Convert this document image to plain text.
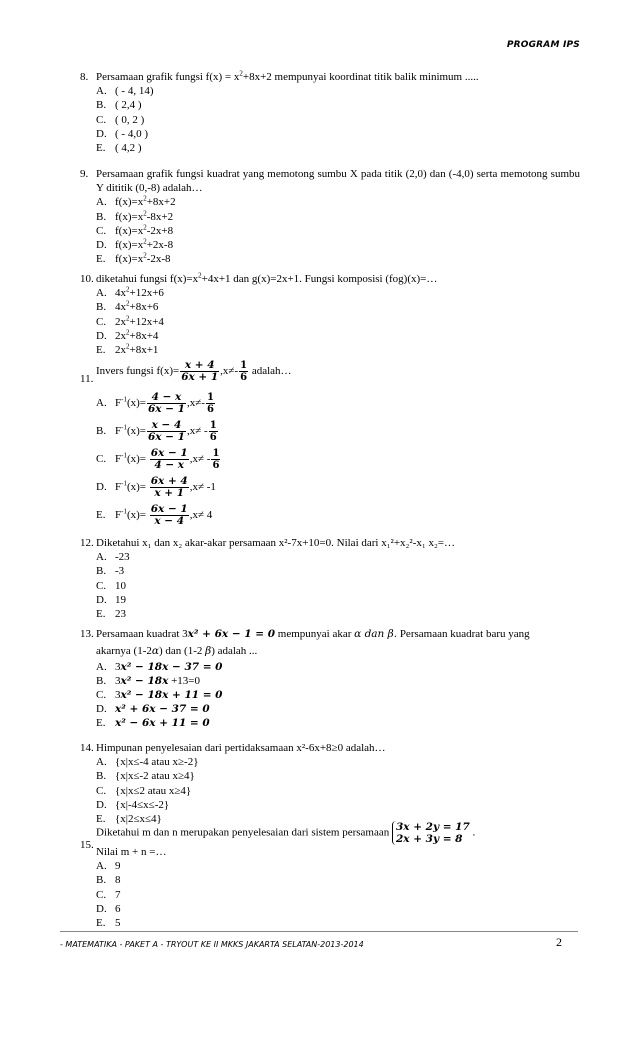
PROGRAM IPS
8. Persamaan grafik fungsi $f(x) = x^2+8x+2$ mempunyai koordinat titik balik minimum .....
A. ( - 4, 14)
B. ( 2,4 )
C. ( 0, 2 )
D. ( - 4,0 )
E. ( 4,2 )
9. Persamaan grafik fungsi kuadrat yang memotong sumbu X pada titik (2,0) dan (-4,0) serta memotong sumbu Y dititik (0,-8) adalah…
A. $f(x)=x^2+8x+2$
B. $f(x)=x^2-8x+2$
C. $f(x)=x^2-2x+8$
D. $f(x)=x^2+2x-8$
E. $f(x)=x^2-2x-8$
10. diketahui fungsi $f(x)=x^2+4x+1$ dan g(x)=2x+1. Fungsi komposisi (fog)(x)=…
A. $4x^2+12x+6$
B. $4x^2+8x+6$
C. $2x^2+12x+4$
D. $2x^2+8x+4$
E. $2x^2+8x+1$
11.
Invers fungsi $f(x)= \frac{x + 4}{6x + 1} ,x\ne- \frac{1}{6}$ adalah…
A. $F^{-1}(x)= \frac{4 - x}{6x - 1} ,x\ne- \frac{1}{6}$
B. $F^{-1}(x)= \frac{x - 4}{6x - 1} ,x\ne - \frac{1}{6}$
C. $F^{-1}(x)= \frac{6x - 1}{4 - x} ,x\ne - \frac{1}{6}$
D. $F^{-1}(x)= \frac{6x + 4}{x + 1} ,x\ne -1$
E. $F^{-1}(x)= \frac{6x - 1}{x - 4} ,x\ne 4$
12. Diketahui x₁ dan x₂ akar-akar persamaan x²-7x+10=0. Nilai dari x₁²+x₂²-x₁ x₂=…
A. -23
B. -3
C. 10
D. 19
E. 23
13. Persamaan kuadrat 3x² + 6x − 1 = 0 mempunyai akar α dan β. Persamaan kuadrat baru yang
akarnya (1-2α) dan (1-2 β) adalah ...
A. 3x² − 18x − 37 = 0
B. 3x² − 18x +13=0
C. 3x² − 18x + 11 = 0
D. x² + 6x − 37 = 0
E. x² − 6x + 11 = 0
14. Himpunan penyelesaian dari pertidaksamaan x²-6x+8≥0 adalah…
A. {x|x≤-4 atau x≥-2}
B. {x|x≤-2 atau x≥4}
C. {x|x≤2 atau x≥4}
D. {x|-4≤x≤-2}
E. {x|2≤x≤4}
15.
Diketahui m dan n merupakan penyelesaian dari sistem persamaan 3x + 2y = 17
2x + 3y = 8
.
Nilai m + n =…
A. 9
B. 8
C. 7
D. 6
E. 5
- MATEMATIKA - PAKET A - TRYOUT KE II MKKS JAKARTA SELATAN-2013-2014	2
